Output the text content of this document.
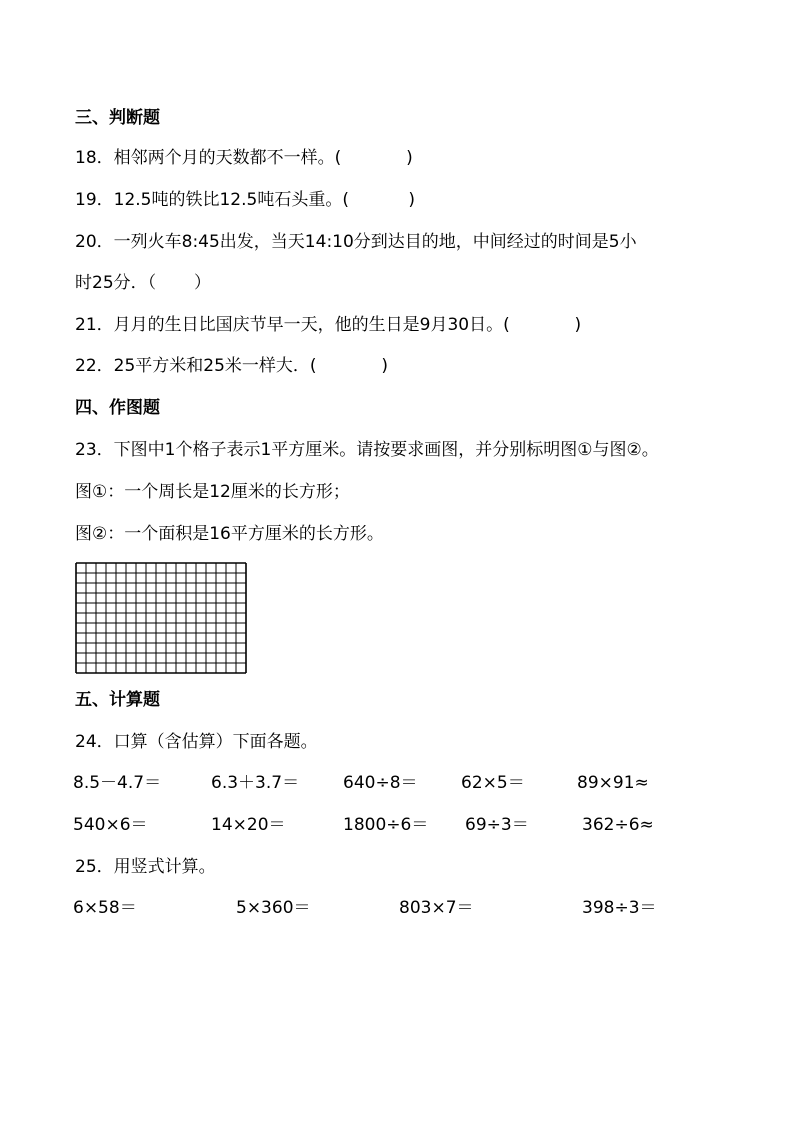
三、判断题
18．相邻两个月的天数都不一样。(            )
19．12.5吨的铁比12.5吨石头重。(           )
20．一列火车8:45出发，当天14:10分到达目的地，中间经过的时间是5小
时25分．（       ）
21．月月的生日比国庆节早一天，他的生日是9月30日。(            )
22．25平方米和25米一样大．(            )
四、作图题
23．下图中1个格子表示1平方厘米。请按要求画图，并分别标明图①与图②。
图①：一个周长是12厘米的长方形；
图②：一个面积是16平方厘米的长方形。
五、计算题
24．口算（含估算）下面各题。
8.5－4.7＝	6.3＋3.7＝	640÷8＝	62×5＝	89×91≈
540×6＝	14×20＝	1800÷6＝ 69÷3＝	362÷6≈
25．用竖式计算。
6×58＝	5×360＝	803×7＝	398÷3＝
